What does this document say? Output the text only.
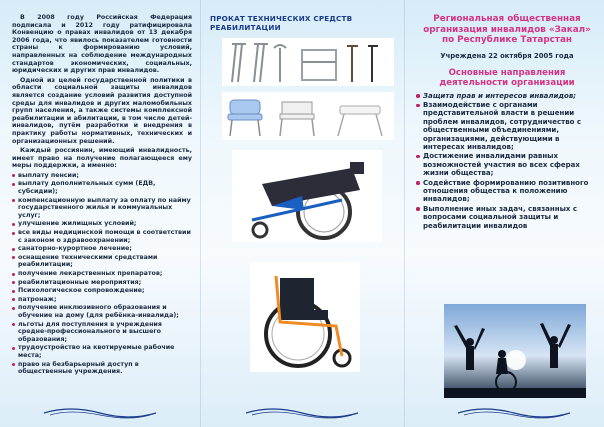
В 2008 году Российская Федерация подписала и 2012 году ратифицировала Конвенцию о правах инвалидов от 13 декабря 2006 года, что явилось показателем готовности страны к формированию условий, направленных на соблюдение международных стандартов экономических, социальных, юридических и других прав инвалидов.

Одной из целей государственной политики в области социальной защиты инвалидов является создание условий развития доступной среды для инвалидов и других маломобильных групп населения, а также системы комплексной реабилитации и абилитации, в том числе детей-инвалидов, путём разработки и внедрения в практику работы нормативных, технических и организационных решений.

Каждый россиянин, имеющий инвалидность, имеет право на получение полагающееся ему меры поддержки, а именно:

выплату пенсии;
выплату дополнительных сумм (ЕДВ, субсидии);
компенсационную выплату за оплату по найму государственного жилья и коммунальных услуг;
улучшение жилищных условий;
все виды медицинской помощи в соответствии с законом о здравоохранении;
санаторно-курортное лечение;
оснащение техническими средствами реабилитации;
получение лекарственных препаратов;
реабилитационные мероприятия;
Психологическое сопровождение;
патронаж;
получение инклюзивного образования и обучение на дому (для ребёнка-инвалида);
льготы для поступления в учреждения средне-профессионального и высшего образования;
трудоустройство на квотируемые рабочие места;
право на безбарьерный доступ в общественные учреждения.
ПРОКАТ ТЕХНИЧЕСКИХ СРЕДСТВ РЕАБИЛИТАЦИИ

Региональная общественная организация инвалидов «Закал» по Республике Татарстан

Учреждена 22 октября 2005 года

Основные направления деятельности организации

Защита прав и интересов инвалидов;
Взаимодействие с органами представительной власти в решении проблем инвалидов, сотрудничество с общественными объединениями, организациями, действующими в интересах инвалидов;
Достижение инвалидами равных возможностей участия во всех сферах жизни общества;
Содействие формированию позитивного отношения общества к положению инвалидов;
Выполнение иных задач, связанных с вопросами социальной защиты и реабилитации инвалидов
